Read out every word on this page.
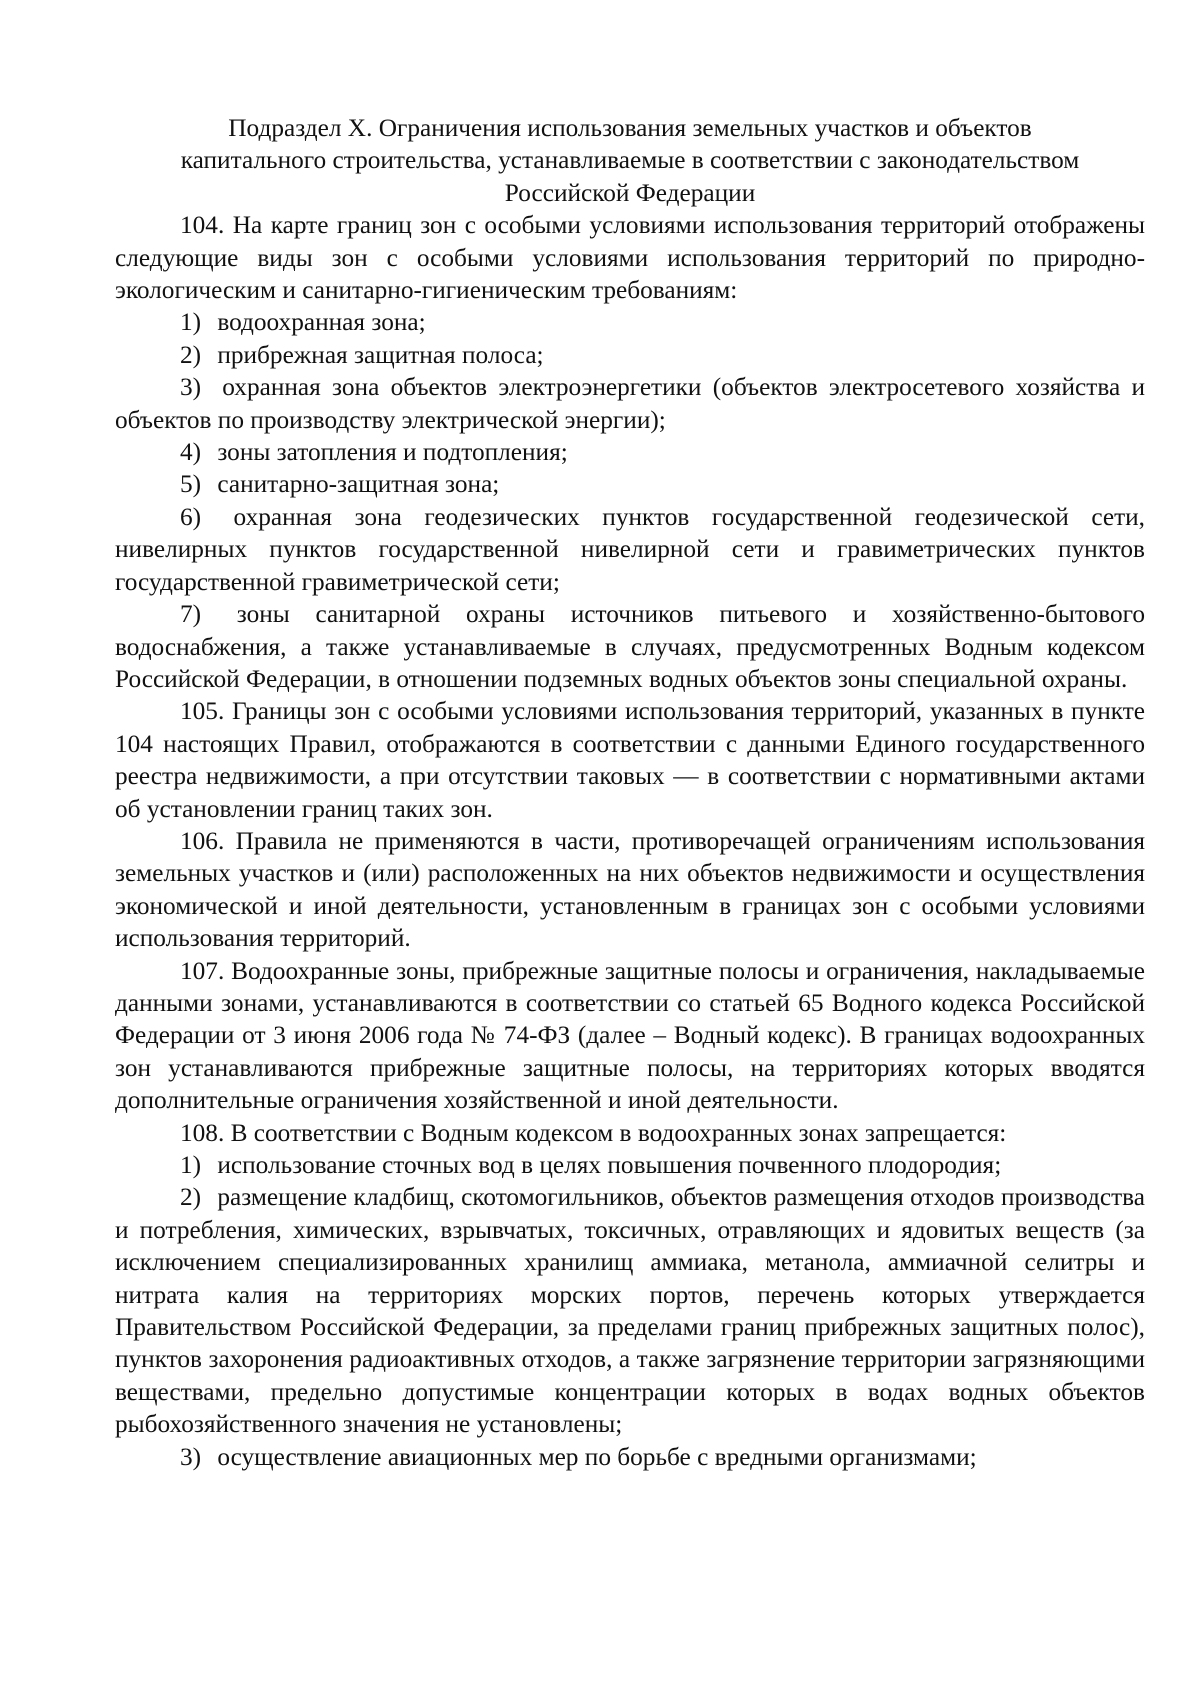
Подраздел X. Ограничения использования земельных участков и объектов
капитального строительства, устанавливаемые в соответствии с законодательством
Российской Федерации

104. На карте границ зон с особыми условиями использования территорий отображены следующие виды зон с особыми условиями использования территорий по природно-экологическим и санитарно-гигиеническим требованиям:

1) водоохранная зона;

2) прибрежная защитная полоса;

3) охранная зона объектов электроэнергетики (объектов электросетевого хозяйства и объектов по производству электрической энергии);

4) зоны затопления и подтопления;

5) санитарно-защитная зона;

6) охранная зона геодезических пунктов государственной геодезической сети, нивелирных пунктов государственной нивелирной сети и гравиметрических пунктов государственной гравиметрической сети;

7) зоны санитарной охраны источников питьевого и хозяйственно-бытового водоснабжения, а также устанавливаемые в случаях, предусмотренных Водным кодексом Российской Федерации, в отношении подземных водных объектов зоны специальной охраны.

105. Границы зон с особыми условиями использования территорий, указанных в пункте 104 настоящих Правил, отображаются в соответствии с данными Единого государственного реестра недвижимости, а при отсутствии таковых — в соответствии с нормативными актами об установлении границ таких зон.

106. Правила не применяются в части, противоречащей ограничениям использования земельных участков и (или) расположенных на них объектов недвижимости и осуществления экономической и иной деятельности, установленным в границах зон с особыми условиями использования территорий.

107. Водоохранные зоны, прибрежные защитные полосы и ограничения, накладываемые данными зонами, устанавливаются в соответствии со статьей 65 Водного кодекса Российской Федерации от 3 июня 2006 года № 74-ФЗ (далее – Водный кодекс). В границах водоохранных зон устанавливаются прибрежные защитные полосы, на территориях которых вводятся дополнительные ограничения хозяйственной и иной деятельности.

108. В соответствии с Водным кодексом в водоохранных зонах запрещается:

1) использование сточных вод в целях повышения почвенного плодородия;

2) размещение кладбищ, скотомогильников, объектов размещения отходов производства и потребления, химических, взрывчатых, токсичных, отравляющих и ядовитых веществ (за исключением специализированных хранилищ аммиака, метанола, аммиачной селитры и нитрата калия на территориях морских портов, перечень которых утверждается Правительством Российской Федерации, за пределами границ прибрежных защитных полос), пунктов захоронения радиоактивных отходов, а также загрязнение территории загрязняющими веществами, предельно допустимые концентрации которых в водах водных объектов рыбохозяйственного значения не установлены;

3) осуществление авиационных мер по борьбе с вредными организмами;
